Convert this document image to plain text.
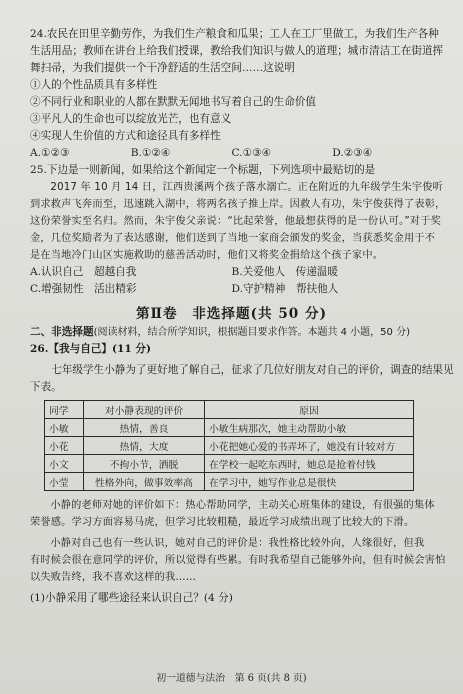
24.农民在田里辛勤劳作，为我们生产粮食和瓜果；工人在工厂里做工，为我们生产各种

生活用品；教师在讲台上给我们授课，教给我们知识与做人的道理；城市清洁工在街道挥

舞扫帚，为我们提供一个干净舒适的生活空间……这说明

①人的个性品质具有多样性

②不同行业和职业的人都在默默无闻地书写着自己的生命价值

③平凡人的生命也可以绽放光芒，也有意义

④实现人生价值的方式和途径具有多样性

A.①②③	B.①②④	C.①③④	D.②③④

25.下边是一则新闻，如果给这个新闻定一个标题，下列选项中最贴切的是

2017 年 10 月 14 日，江西贵溪两个孩子落水溺亡。正在附近的九年级学生朱宇俊听

到求救声飞奔而至，迅速跳入湖中，将两名孩子推上岸。因救人有功，朱宇俊获得了表彰，

这份荣誉实至名归。然而，朱宇俊父亲说：“比起荣誉，他最想获得的是一份认可。”对于奖

金，几位奖励者为了表达感谢，他们送到了当地一家商会颁发的奖金，当获悉奖金用于不

是在当地冷门山区实施救助的慈善活动时，他们又将奖金捐给这个孩子家中。

A.认识自己　超越自我	B.关爱他人　传递温暖
C.增强韧性　活出精彩	D.守护精神　帮扶他人

第Ⅱ卷　非选择题(共 50 分)

二、非选择题(阅读材料，结合所学知识，根据题目要求作答。本题共 4 小题，50 分)

26.【我与自己】(11 分)

七年级学生小静为了更好地了解自己，征求了几位好朋友对自己的评价，调查的结果见

下表。

同学	对小静表现的评价	原因
小敏	热情，善良	小敏生病那次，她主动帮助小敏
小花	热情，大度	小花把她心爱的书弄坏了，她没有计较对方
小文	不拘小节，洒脱	在学校一起吃东西时，她总是抢着付钱
小莹	性格外向，做事效率高	在学习中，她写作业总是很快

小静的老师对她的评价如下：热心帮助同学，主动关心班集体的建设，有很强的集体

荣誉感。学习方面容易马虎，但学习比较粗糙，最近学习成绩出现了比较大的下滑。

小静对自己也有一些认识，她对自己的评价是：我性格比较外向，人缘很好，但我

有时候会很在意同学的评价，所以觉得有些累。有时我希望自己能够外向，但有时候会害怕

以失败告终，我不喜欢这样的我……

(1)小静采用了哪些途径来认识自己？(4 分)

初一道德与法治　第 6 页(共 8 页)
